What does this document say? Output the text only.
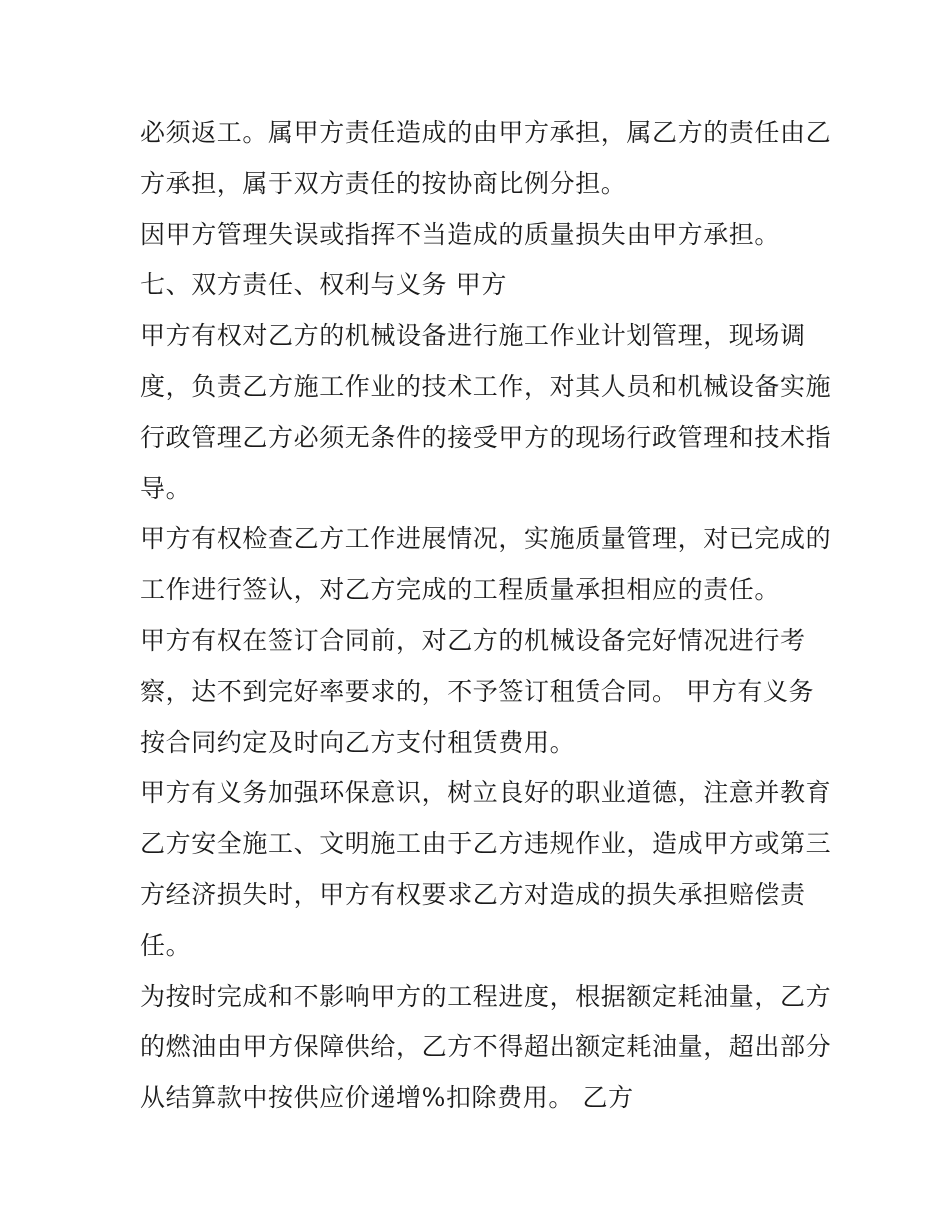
必须返工。属甲方责任造成的由甲方承担，属乙方的责任由乙
方承担，属于双方责任的按协商比例分担。
因甲方管理失误或指挥不当造成的质量损失由甲方承担。
七、双方责任、权利与义务 甲方
甲方有权对乙方的机械设备进行施工作业计划管理，现场调
度，负责乙方施工作业的技术工作，对其人员和机械设备实施
行政管理乙方必须无条件的接受甲方的现场行政管理和技术指
导。
甲方有权检查乙方工作进展情况，实施质量管理，对已完成的
工作进行签认，对乙方完成的工程质量承担相应的责任。
甲方有权在签订合同前，对乙方的机械设备完好情况进行考
察，达不到完好率要求的，不予签订租赁合同。 甲方有义务
按合同约定及时向乙方支付租赁费用。
甲方有义务加强环保意识，树立良好的职业道德，注意并教育
乙方安全施工、文明施工由于乙方违规作业，造成甲方或第三
方经济损失时，甲方有权要求乙方对造成的损失承担赔偿责
任。
为按时完成和不影响甲方的工程进度，根据额定耗油量，乙方
的燃油由甲方保障供给，乙方不得超出额定耗油量，超出部分
从结算款中按供应价递增%扣除费用。 乙方
